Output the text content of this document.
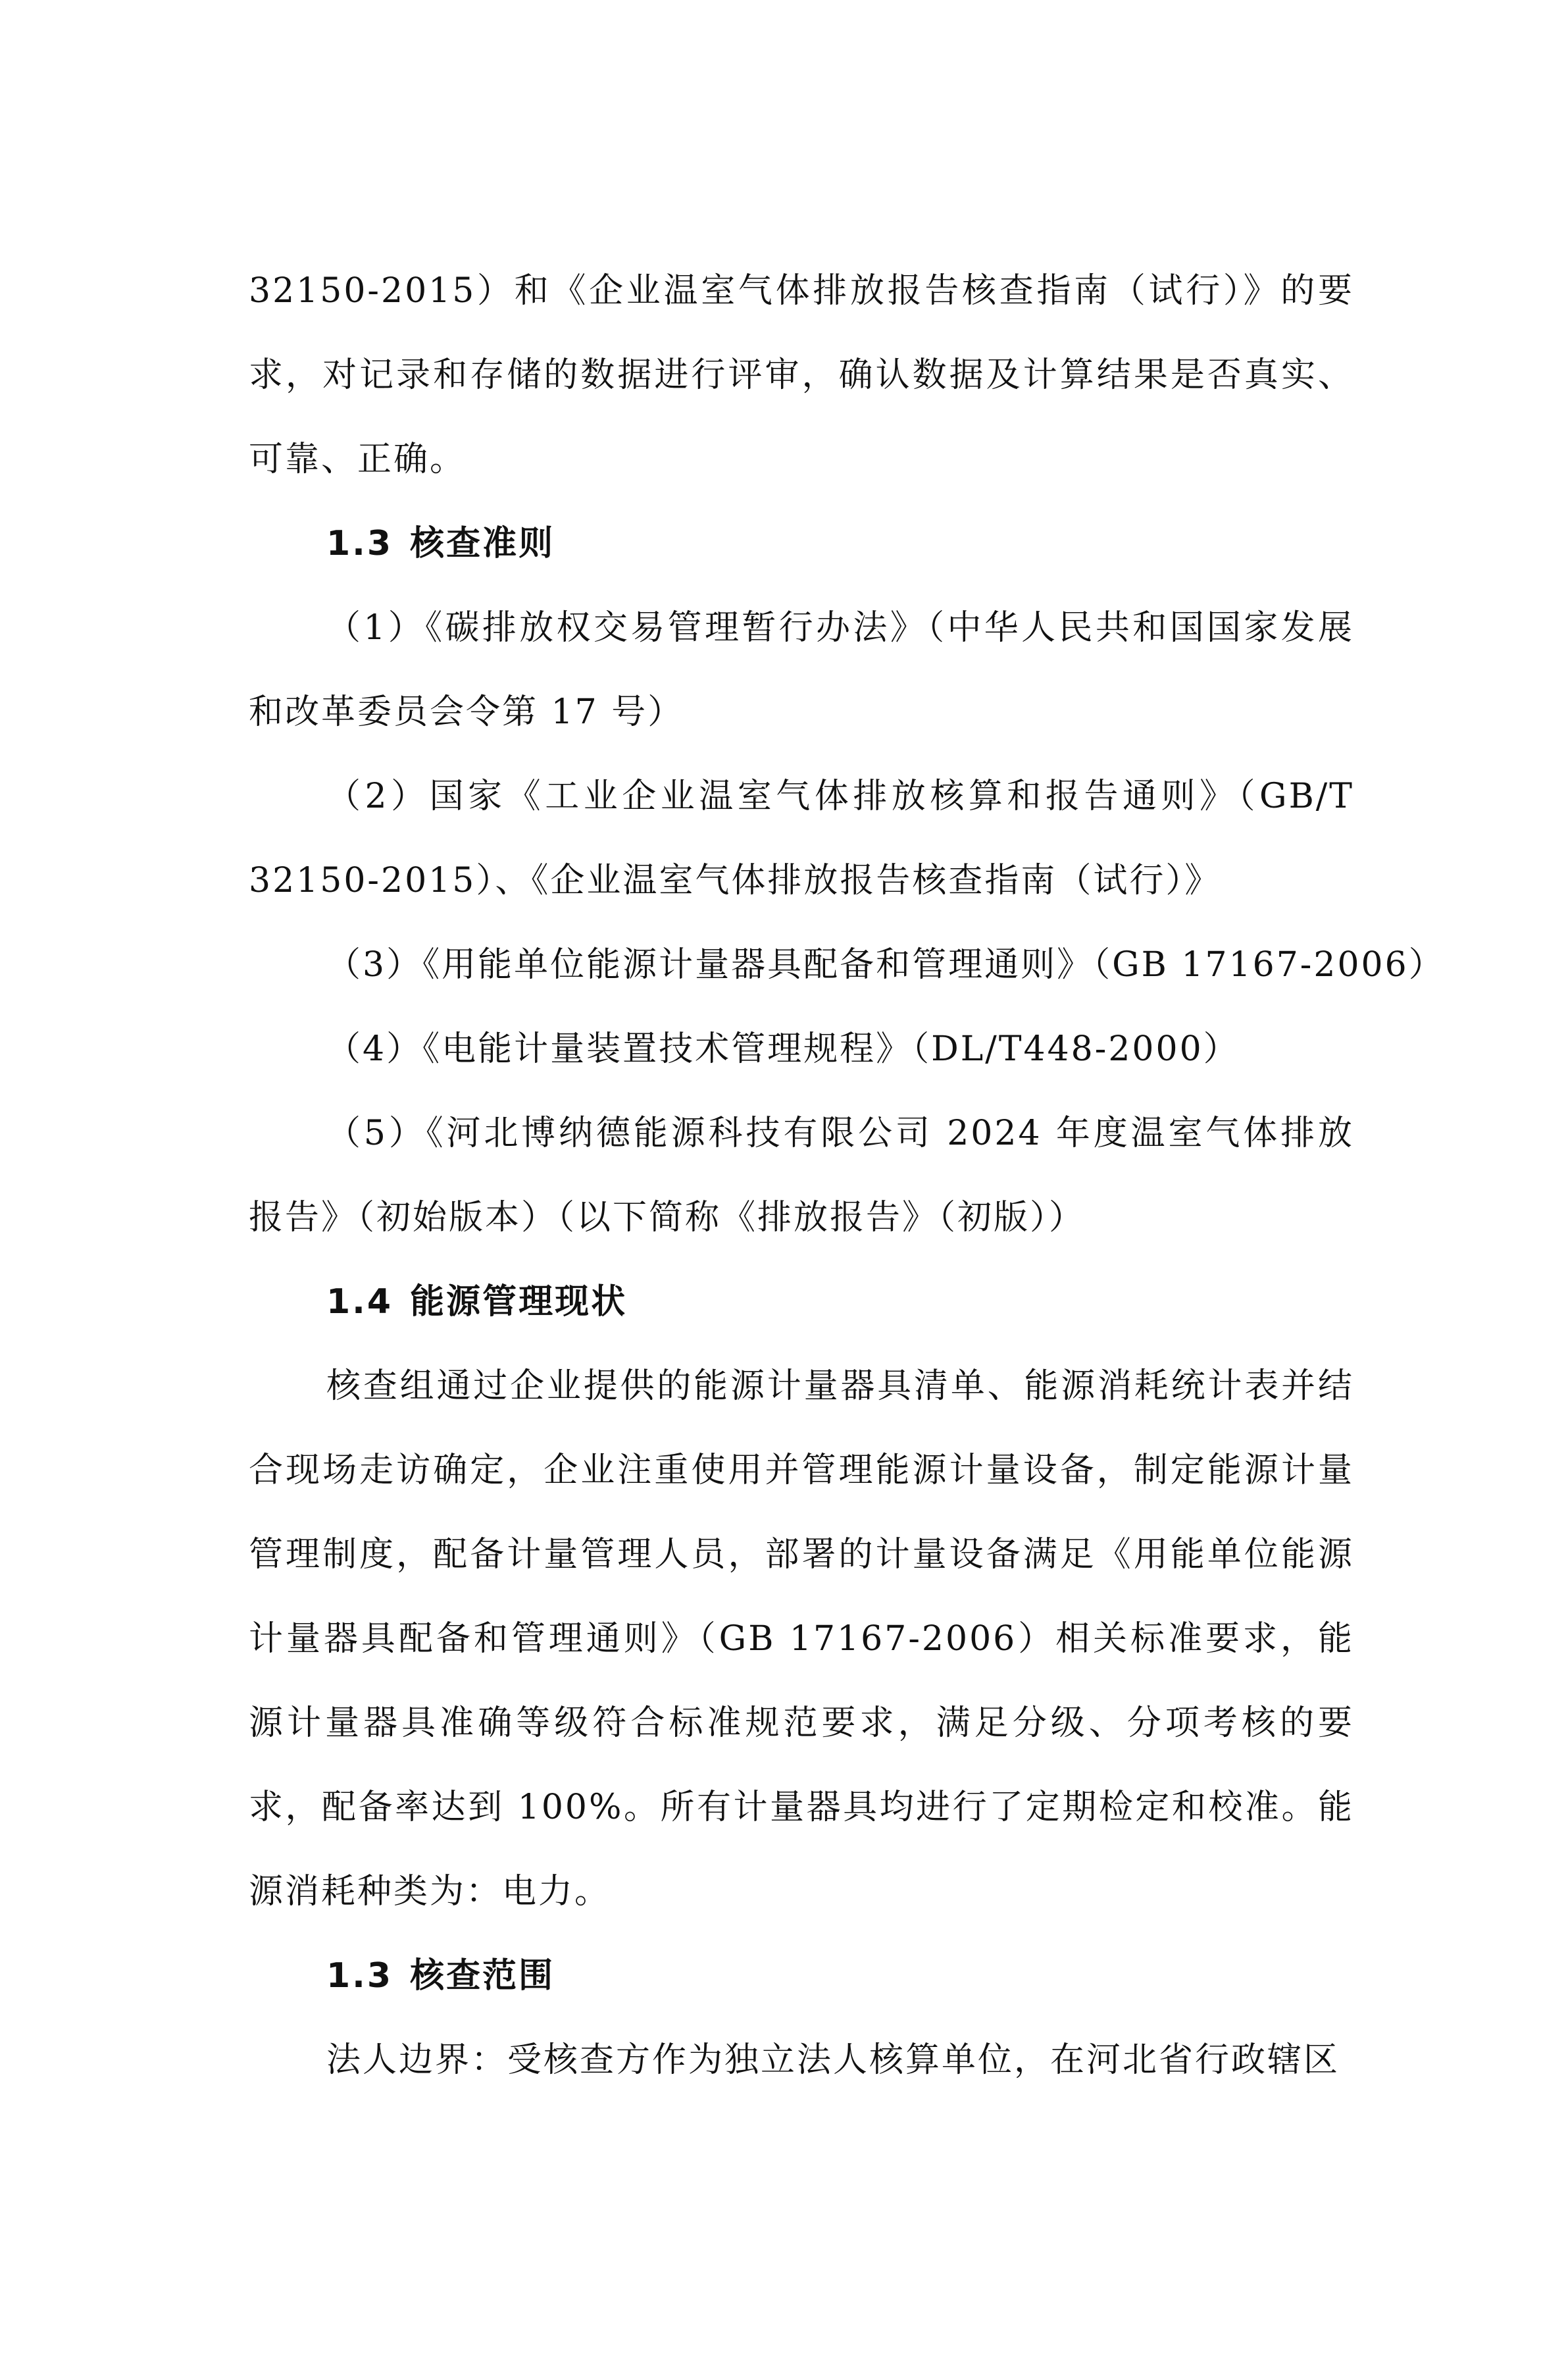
32150-2015）和《企业温室气体排放报告核查指南（试行）》的要求，对记录和存储的数据进行评审，确认数据及计算结果是否真实、可靠、正确。

1.3 核查准则

（1）《碳排放权交易管理暂行办法》（中华人民共和国国家发展和改革委员会令第 17 号）

（2）国家《工业企业温室气体排放核算和报告通则》（GB/T 32150-2015）、《企业温室气体排放报告核查指南（试行）》

（3）《用能单位能源计量器具配备和管理通则》（GB 17167-2006）

（4）《电能计量装置技术管理规程》（DL/T448-2000）

（5）《河北博纳德能源科技有限公司 2024 年度温室气体排放报告》（初始版本）（以下简称《排放报告》（初版））

1.4 能源管理现状

核查组通过企业提供的能源计量器具清单、能源消耗统计表并结合现场走访确定，企业注重使用并管理能源计量设备，制定能源计量管理制度，配备计量管理人员，部署的计量设备满足《用能单位能源计量器具配备和管理通则》（GB 17167-2006）相关标准要求，能源计量器具准确等级符合标准规范要求，满足分级、分项考核的要求，配备率达到 100%。所有计量器具均进行了定期检定和校准。能源消耗种类为：电力。

1.3 核查范围

法人边界：受核查方作为独立法人核算单位，在河北省行政辖区
